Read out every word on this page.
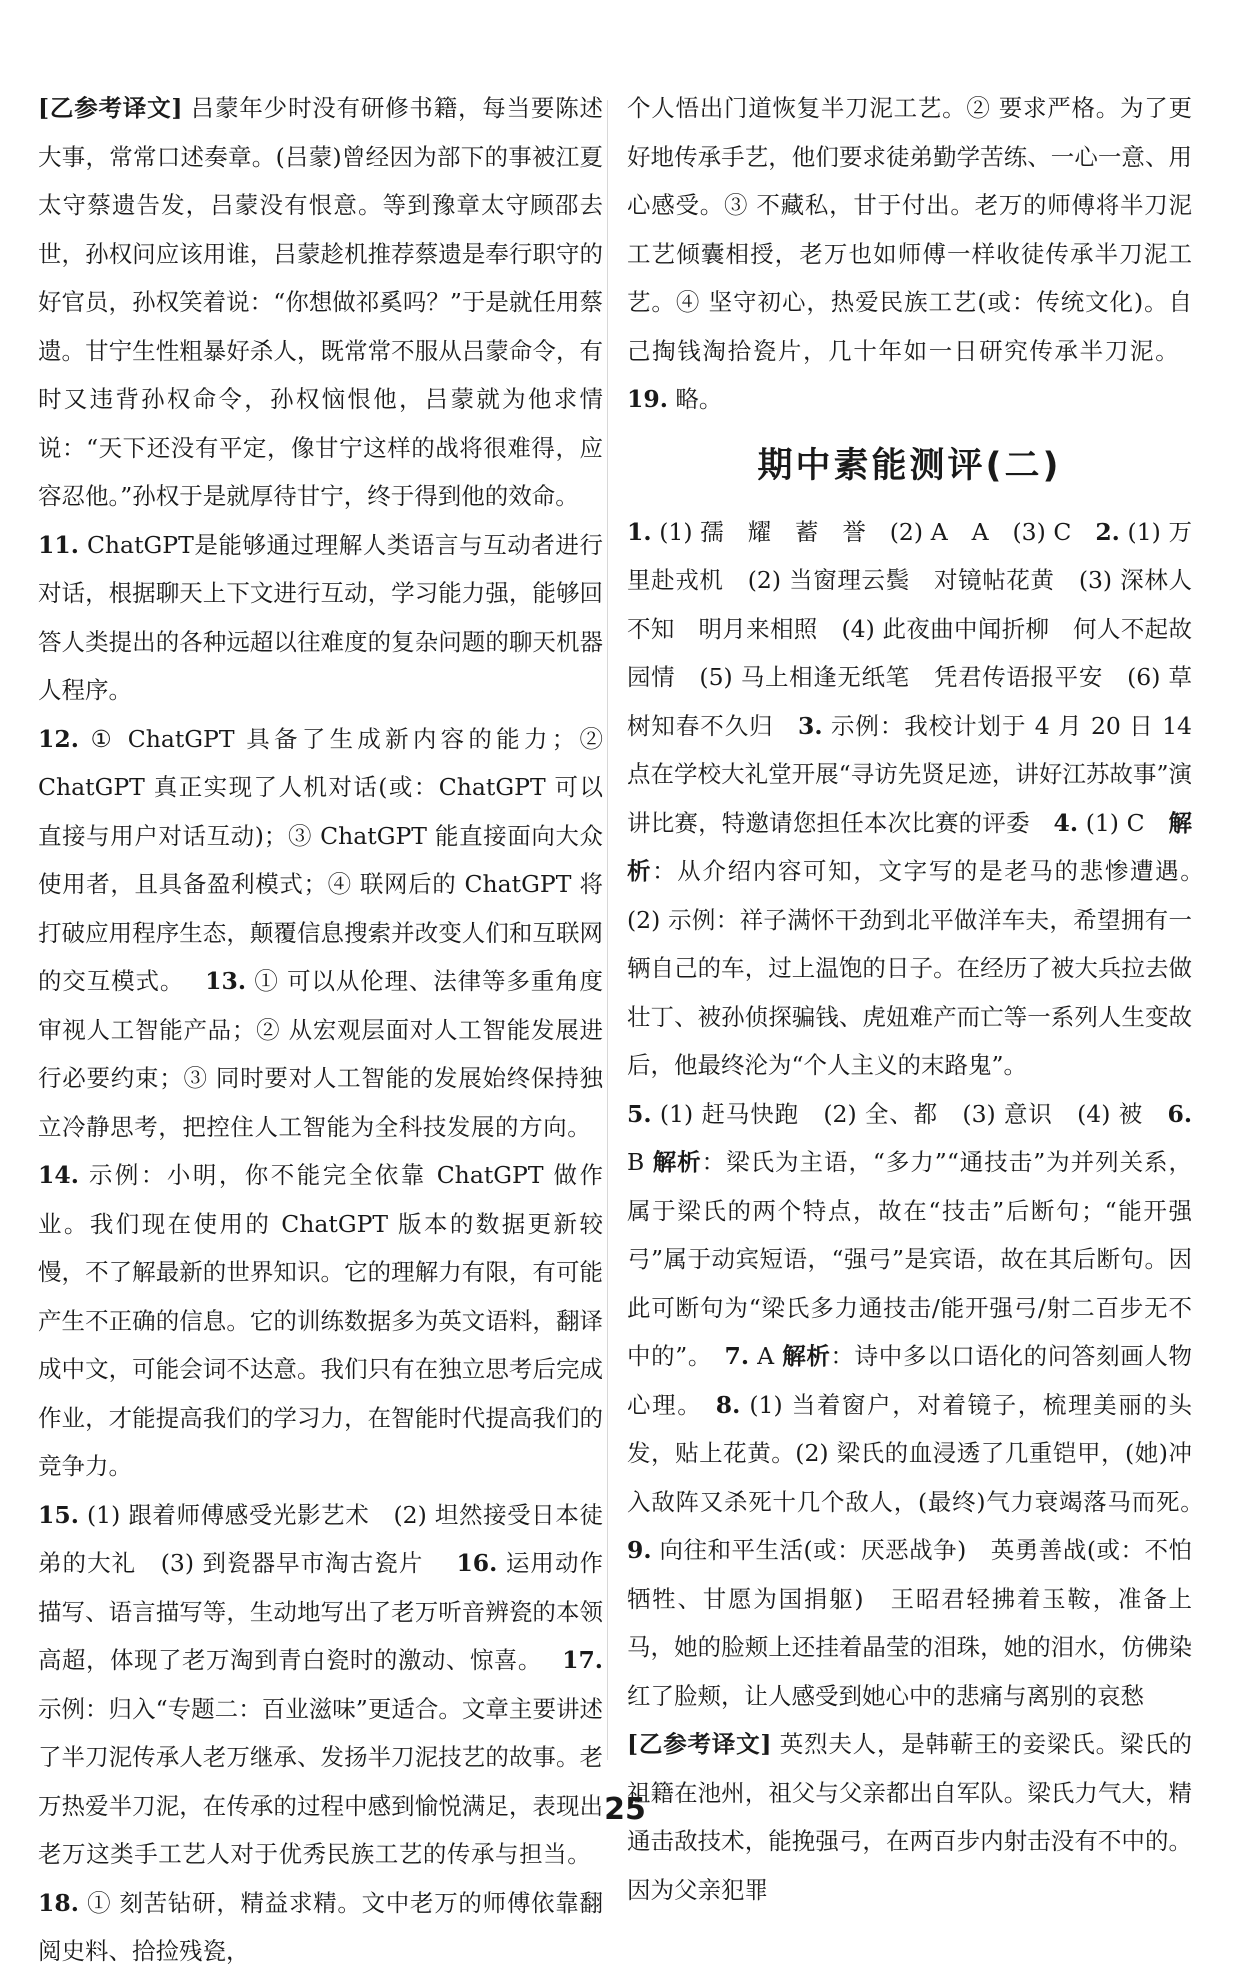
[乙参考译文] 吕蒙年少时没有研修书籍，每当要陈述大事，常常口述奏章。(吕蒙)曾经因为部下的事被江夏太守蔡遗告发，吕蒙没有恨意。等到豫章太守顾邵去世，孙权问应该用谁，吕蒙趁机推荐蔡遗是奉行职守的好官员，孙权笑着说：“你想做祁奚吗？”于是就任用蔡遗。甘宁生性粗暴好杀人，既常常不服从吕蒙命令，有时又违背孙权命令，孙权恼恨他，吕蒙就为他求情说：“天下还没有平定，像甘宁这样的战将很难得，应容忍他。”孙权于是就厚待甘宁，终于得到他的效命。

11. ChatGPT是能够通过理解人类语言与互动者进行对话，根据聊天上下文进行互动，学习能力强，能够回答人类提出的各种远超以往难度的复杂问题的聊天机器人程序。

12. ① ChatGPT 具备了生成新内容的能力；② ChatGPT 真正实现了人机对话(或：ChatGPT 可以直接与用户对话互动)；③ ChatGPT 能直接面向大众使用者，且具备盈利模式；④ 联网后的 ChatGPT 将打破应用程序生态，颠覆信息搜索并改变人们和互联网的交互模式。　 13. ① 可以从伦理、法律等多重角度审视人工智能产品；② 从宏观层面对人工智能发展进行必要约束；③ 同时要对人工智能的发展始终保持独立冷静思考，把控住人工智能为全科技发展的方向。　 14. 示例：小明，你不能完全依靠 ChatGPT 做作业。我们现在使用的 ChatGPT 版本的数据更新较慢，不了解最新的世界知识。它的理解力有限，有可能产生不正确的信息。它的训练数据多为英文语料，翻译成中文，可能会词不达意。我们只有在独立思考后完成作业，才能提高我们的学习力，在智能时代提高我们的竞争力。

15. (1) 跟着师傅感受光影艺术　(2) 坦然接受日本徒弟的大礼　(3) 到瓷器早市淘古瓷片　 16. 运用动作描写、语言描写等，生动地写出了老万听音辨瓷的本领高超，体现了老万淘到青白瓷时的激动、惊喜。　 17. 示例：归入“专题二：百业滋味”更适合。文章主要讲述了半刀泥传承人老万继承、发扬半刀泥技艺的故事。老万热爱半刀泥，在传承的过程中感到愉悦满足，表现出老万这类手工艺人对于优秀民族工艺的传承与担当。　 18. ① 刻苦钻研，精益求精。文中老万的师傅依靠翻阅史料、拾捡残瓷，

个人悟出门道恢复半刀泥工艺。② 要求严格。为了更好地传承手艺，他们要求徒弟勤学苦练、一心一意、用心感受。③ 不藏私，甘于付出。老万的师傅将半刀泥工艺倾囊相授，老万也如师傅一样收徒传承半刀泥工艺。④ 坚守初心，热爱民族工艺(或：传统文化)。自己掏钱淘拾瓷片，几十年如一日研究传承半刀泥。　 19. 略。

期中素能测评(二)

1. (1) 孺　耀　蓄　誉　(2) A　A　(3) C　 2. (1) 万里赴戎机　(2) 当窗理云鬓　对镜帖花黄　(3) 深林人不知　明月来相照　(4) 此夜曲中闻折柳　何人不起故园情　(5) 马上相逢无纸笔　凭君传语报平安　(6) 草树知春不久归　 3. 示例：我校计划于 4 月 20 日 14 点在学校大礼堂开展“寻访先贤足迹，讲好江苏故事”演讲比赛，特邀请您担任本次比赛的评委　 4. (1) C　 解析：从介绍内容可知，文字写的是老马的悲惨遭遇。　(2) 示例：祥子满怀干劲到北平做洋车夫，希望拥有一辆自己的车，过上温饱的日子。在经历了被大兵拉去做壮丁、被孙侦探骗钱、虎妞难产而亡等一系列人生变故后，他最终沦为“个人主义的末路鬼”。

5. (1) 赶马快跑　(2) 全、都　(3) 意识　(4) 被　 6. B 解析：梁氏为主语，“多力”“通技击”为并列关系，属于梁氏的两个特点，故在“技击”后断句；“能开强弓”属于动宾短语，“强弓”是宾语，故在其后断句。因此可断句为“梁氏多力通技击/能开强弓/射二百步无不中的”。　 7. A 解析：诗中多以口语化的问答刻画人物心理。　 8. (1) 当着窗户，对着镜子，梳理美丽的头发，贴上花黄。(2) 梁氏的血浸透了几重铠甲，(她)冲入敌阵又杀死十几个敌人，(最终)气力衰竭落马而死。　9. 向往和平生活(或：厌恶战争)　英勇善战(或：不怕牺牲、甘愿为国捐躯)　王昭君轻拂着玉鞍，准备上马，她的脸颊上还挂着晶莹的泪珠，她的泪水，仿佛染红了脸颊，让人感受到她心中的悲痛与离别的哀愁

[乙参考译文] 英烈夫人，是韩蕲王的妾梁氏。梁氏的祖籍在池州，祖父与父亲都出自军队。梁氏力气大，精通击敌技术，能挽强弓，在两百步内射击没有不中的。因为父亲犯罪

25
